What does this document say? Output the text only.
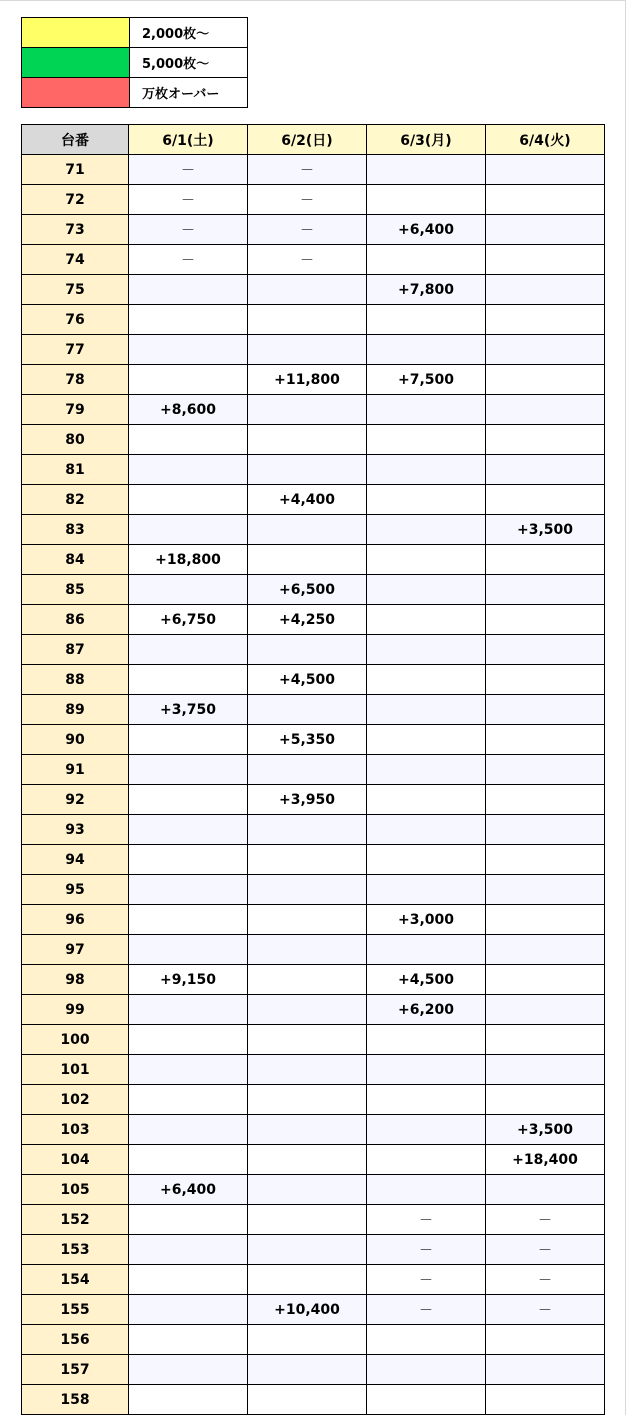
	2,000枚～
	5,000枚～
	万枚オーバー
台番	6/1(土)	6/2(日)	6/3(月)	6/4(火)
71	－	－		
72	－	－		
73	－	－	+6,400	
74	－	－		
75			+7,800	
76				
77				
78		+11,800	+7,500	
79	+8,600			
80				
81				
82		+4,400		
83				+3,500
84	+18,800			
85		+6,500		
86	+6,750	+4,250		
87				
88		+4,500		
89	+3,750			
90		+5,350		
91				
92		+3,950		
93				
94				
95				
96			+3,000	
97				
98	+9,150		+4,500	
99			+6,200	
100				
101				
102				
103				+3,500
104				+18,400
105	+6,400			
152			－	－
153			－	－
154			－	－
155		+10,400	－	－
156				
157				
158				
